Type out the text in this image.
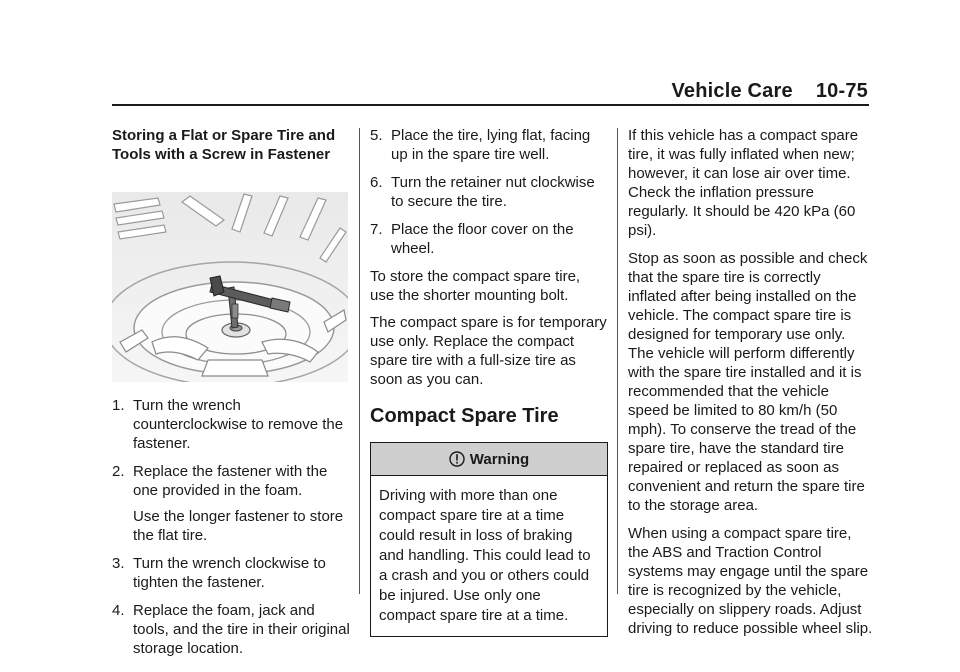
Vehicle Care 10-75

Storing a Flat or Spare Tire and Tools with a Screw in Fastener

1. Turn the wrench counterclockwise to remove the fastener.
2. Replace the fastener with the one provided in the foam.
Use the longer fastener to store the flat tire.
3. Turn the wrench clockwise to tighten the fastener.
4. Replace the foam, jack and tools, and the tire in their original storage location.
5. Place the tire, lying flat, facing up in the spare tire well.
6. Turn the retainer nut clockwise to secure the tire.
7. Place the floor cover on the wheel.

To store the compact spare tire, use the shorter mounting bolt.

The compact spare is for temporary use only. Replace the compact spare tire with a full-size tire as soon as you can.

Compact Spare Tire
Warning
Driving with more than one compact spare tire at a time could result in loss of braking and handling. This could lead to a crash and you or others could be injured. Use only one compact spare tire at a time.

If this vehicle has a compact spare tire, it was fully inflated when new; however, it can lose air over time. Check the inflation pressure regularly. It should be 420 kPa (60 psi).

Stop as soon as possible and check that the spare tire is correctly inflated after being installed on the vehicle. The compact spare tire is designed for temporary use only. The vehicle will perform differently with the spare tire installed and it is recommended that the vehicle speed be limited to 80 km/h (50 mph). To conserve the tread of the spare tire, have the standard tire repaired or replaced as soon as convenient and return the spare tire to the storage area.

When using a compact spare tire, the ABS and Traction Control systems may engage until the spare tire is recognized by the vehicle, especially on slippery roads. Adjust driving to reduce possible wheel slip.
